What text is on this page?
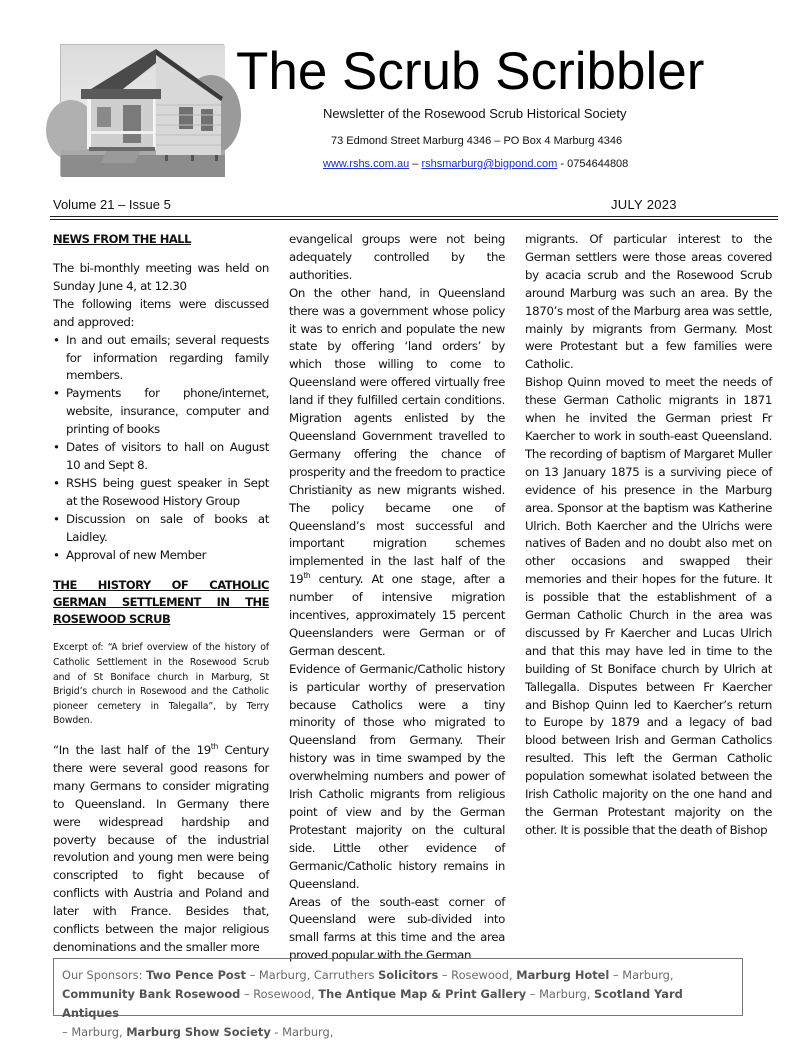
The Scrub Scribbler
Newsletter of the Rosewood Scrub Historical Society
73 Edmond Street Marburg 4346 – PO Box 4 Marburg 4346
www.rshs.com.au – rshsmarburg@bigpond.com - 0754644808
Volume 21 – Issue 5	JULY 2023
NEWS FROM THE HALL

The bi-monthly meeting was held on Sunday June 4, at 12.30

The following items were discussed and approved:

• In and out emails; several requests for information regarding family members.

• Payments for phone/internet, website, insurance, computer and printing of books

• Dates of visitors to hall on August 10 and Sept 8.

• RSHS being guest speaker in Sept at the Rosewood History Group

• Discussion on sale of books at Laidley.

• Approval of new Member

THE HISTORY OF CATHOLIC GERMAN SETTLEMENT IN THE ROSEWOOD SCRUB

Excerpt of: “A brief overview of the history of Catholic Settlement in the Rosewood Scrub and of St Boniface church in Marburg, St Brigid’s church in Rosewood and the Catholic pioneer cemetery in Talegalla”, by Terry Bowden.

“In the last half of the 19th Century there were several good reasons for many Germans to consider migrating to Queensland. In Germany there were widespread hardship and poverty because of the industrial revolution and young men were being conscripted to fight because of conflicts with Austria and Poland and later with France. Besides that, conflicts between the major religious denominations and the smaller more

evangelical groups were not being adequately controlled by the authorities.

On the other hand, in Queensland there was a government whose policy it was to enrich and populate the new state by offering ‘land orders’ by which those willing to come to Queensland were offered virtually free land if they fulfilled certain conditions. Migration agents enlisted by the Queensland Government travelled to Germany offering the chance of prosperity and the freedom to practice Christianity as new migrants wished. The policy became one of Queensland’s most successful and important migration schemes implemented in the last half of the 19th century. At one stage, after a number of intensive migration incentives, approximately 15 percent Queenslanders were German or of German descent.

Evidence of Germanic/Catholic history is particular worthy of preservation because Catholics were a tiny minority of those who migrated to Queensland from Germany. Their history was in time swamped by the overwhelming numbers and power of Irish Catholic migrants from religious point of view and by the German Protestant majority on the cultural side. Little other evidence of Germanic/Catholic history remains in Queensland.

Areas of the south-east corner of Queensland were sub-divided into small farms at this time and the area proved popular with the German

migrants. Of particular interest to the German settlers were those areas covered by acacia scrub and the Rosewood Scrub around Marburg was such an area. By the 1870’s most of the Marburg area was settle, mainly by migrants from Germany. Most were Protestant but a few families were Catholic.

Bishop Quinn moved to meet the needs of these German Catholic migrants in 1871 when he invited the German priest Fr Kaercher to work in south-east Queensland. The recording of baptism of Margaret Muller on 13 January 1875 is a surviving piece of evidence of his presence in the Marburg area. Sponsor at the baptism was Katherine Ulrich. Both Kaercher and the Ulrichs were natives of Baden and no doubt also met on other occasions and swapped their memories and their hopes for the future. It is possible that the establishment of a German Catholic Church in the area was discussed by Fr Kaercher and Lucas Ulrich and that this may have led in time to the building of St Boniface church by Ulrich at Tallegalla. Disputes between Fr Kaercher and Bishop Quinn led to Kaercher’s return to Europe by 1879 and a legacy of bad blood between Irish and German Catholics resulted. This left the German Catholic population somewhat isolated between the Irish Catholic majority on the one hand and the German Protestant majority on the other. It is possible that the death of Bishop

Our Sponsors: Two Pence Post – Marburg, Carruthers Solicitors – Rosewood, Marburg Hotel – Marburg,
Community Bank Rosewood – Rosewood, The Antique Map & Print Gallery – Marburg, Scotland Yard Antiques
– Marburg, Marburg Show Society - Marburg,
